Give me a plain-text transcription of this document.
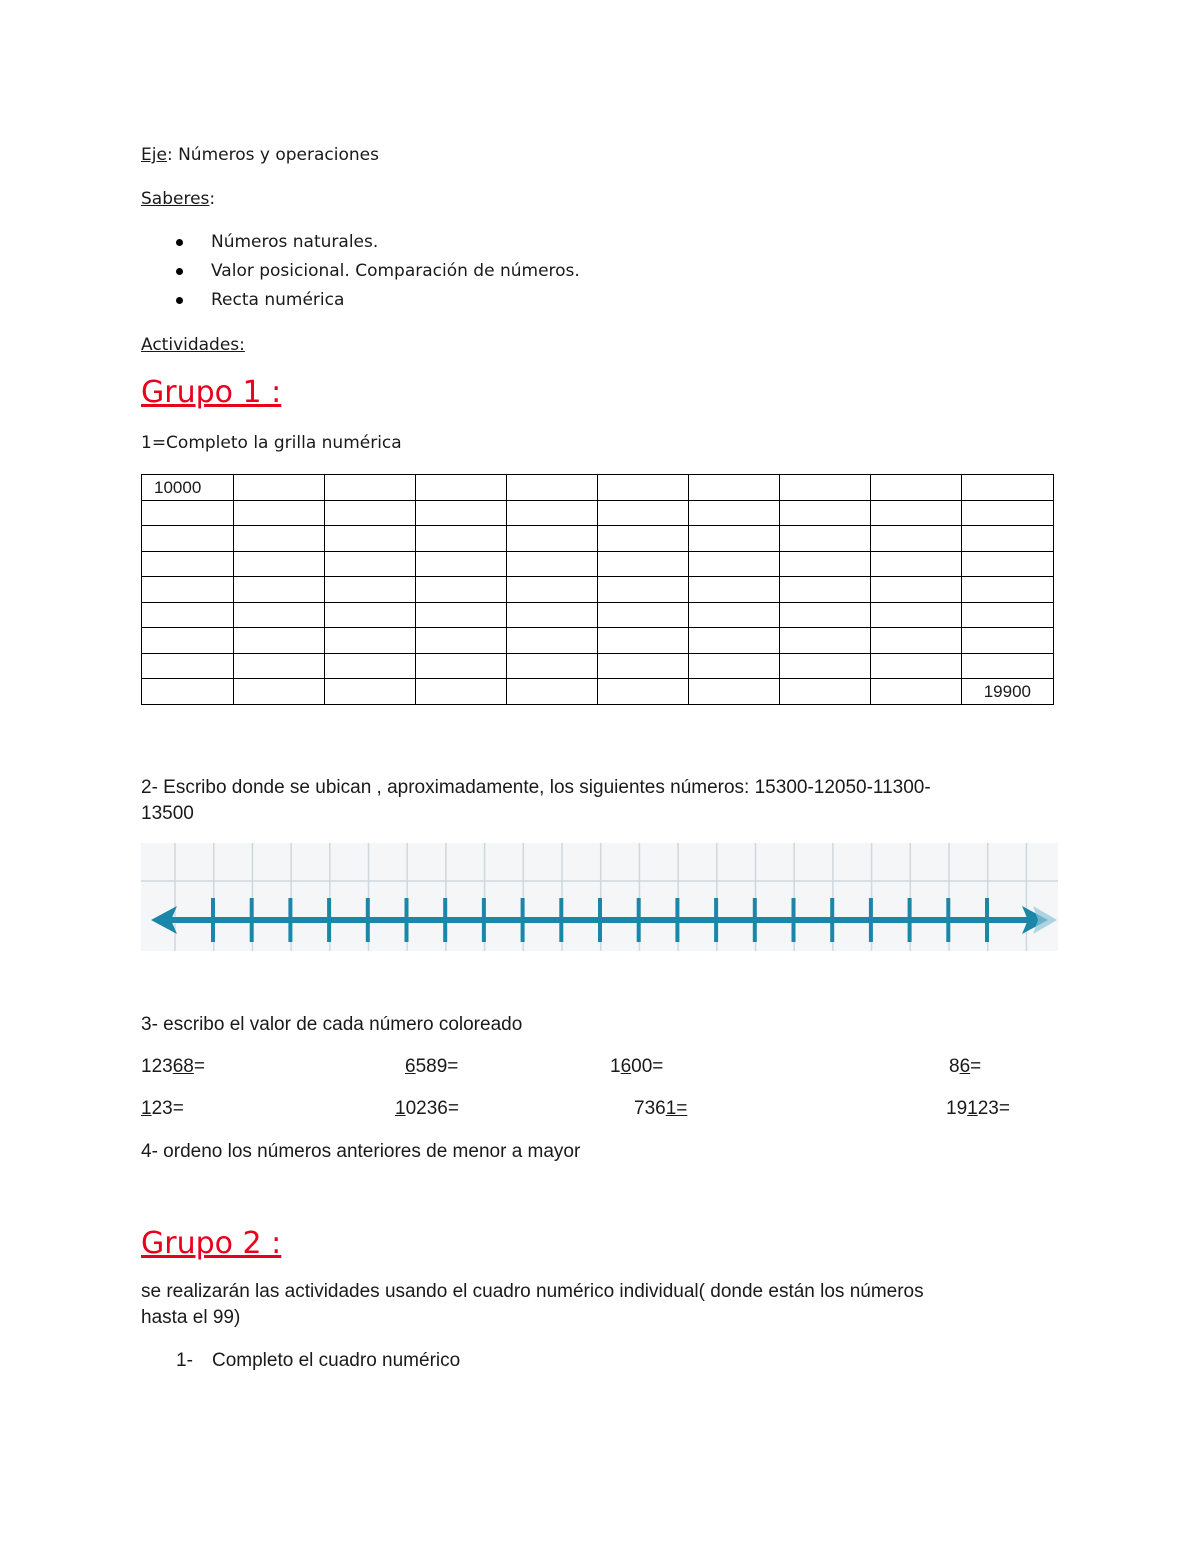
Eje: Números y operaciones
Saberes:
Números naturales.
Valor posicional. Comparación de números.
Recta numérica
Actividades:
Grupo 1 :
1=Completo la grilla numérica
10000									

									19900
2- Escribo donde se ubican , aproximadamente, los siguientes números: 15300-12050-11300-
13500
3- escribo el valor de cada número coloreado
12368=	6589=	1600=	86=
123=	10236=	7361=	19123=
4- ordeno los números anteriores de menor a mayor
Grupo 2 :
se realizarán las actividades usando el cuadro numérico individual( donde están los números
hasta el 99)
1- Completo el cuadro numérico
